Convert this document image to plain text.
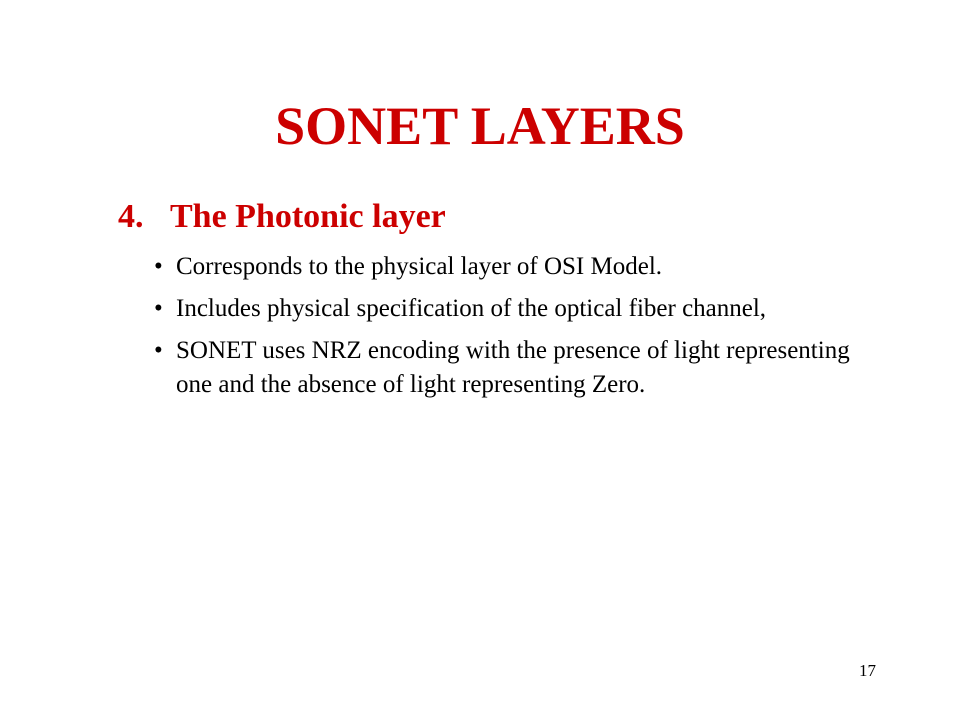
SONET LAYERS
4. The Photonic layer
• Corresponds to the physical layer of OSI Model.
• Includes physical specification of the optical fiber channel,
• SONET uses NRZ encoding with the presence of light representing one and the absence of light representing Zero.
17
